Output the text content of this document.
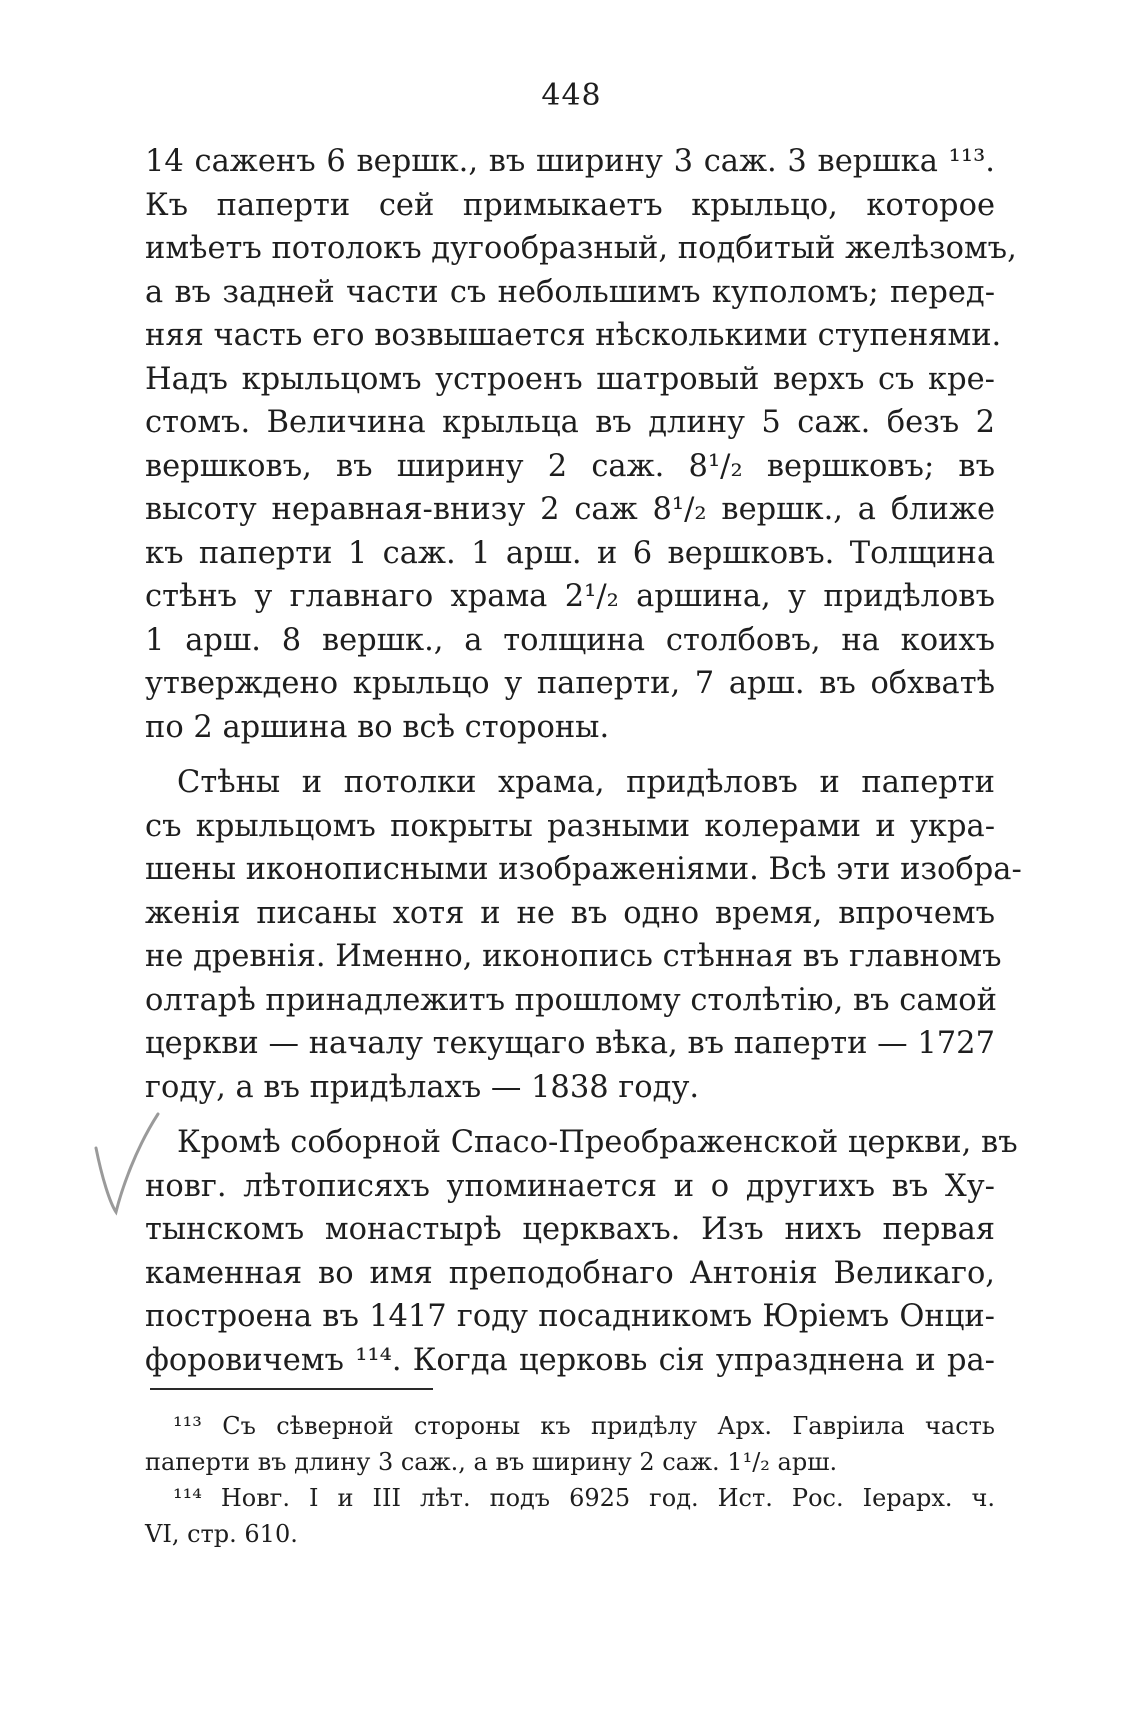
448
14 саженъ 6 вершк., въ ширину 3 саж. 3 вершка ¹¹³.
Къ паперти сей примыкаетъ крыльцо, которое
имѣетъ потолокъ дугообразный, подбитый желѣзомъ,
а въ задней части съ небольшимъ куполомъ; перед-
няя часть его возвышается нѣсколькими ступенями.
Надъ крыльцомъ устроенъ шатровый верхъ съ кре-
стомъ. Величина крыльца въ длину 5 саж. безъ 2
вершковъ, въ ширину 2 саж. 8¹/₂ вершковъ; въ
высоту неравная-внизу 2 саж 8¹/₂ вершк., а ближе
къ паперти 1 саж. 1 арш. и 6 вершковъ. Толщина
стѣнъ у главнаго храма 2¹/₂ аршина, у придѣловъ
1 арш. 8 вершк., а толщина столбовъ, на коихъ
утверждено крыльцо у паперти, 7 арш. въ обхватѣ
по 2 аршина во всѣ стороны.
Стѣны и потолки храма, придѣловъ и паперти
съ крыльцомъ покрыты разными колерами и укра-
шены иконописными изображеніями. Всѣ эти изобра-
женія писаны хотя и не въ одно время, впрочемъ
не древнія. Именно, иконопись стѣнная въ главномъ
олтарѣ принадлежитъ прошлому столѣтію, въ самой
церкви — началу текущаго вѣка, въ паперти — 1727
году, а въ придѣлахъ — 1838 году.
Кромѣ соборной Спасо-Преображенской церкви, въ
новг. лѣтописяхъ упоминается и о другихъ въ Ху-
тынскомъ монастырѣ церквахъ. Изъ нихъ первая
каменная во имя преподобнаго Антонія Великаго,
построена въ 1417 году посадникомъ Юріемъ Онци-
форовичемъ ¹¹⁴. Когда церковь сія упразднена и ра-
¹¹³ Съ сѣверной стороны къ придѣлу Арх. Гавріила часть
паперти въ длину 3 саж., а въ ширину 2 саж. 1¹/₂ арш.
¹¹⁴ Новг. I и III лѣт. подъ 6925 год. Ист. Рос. Іерарх. ч.
VI, стр. 610.
